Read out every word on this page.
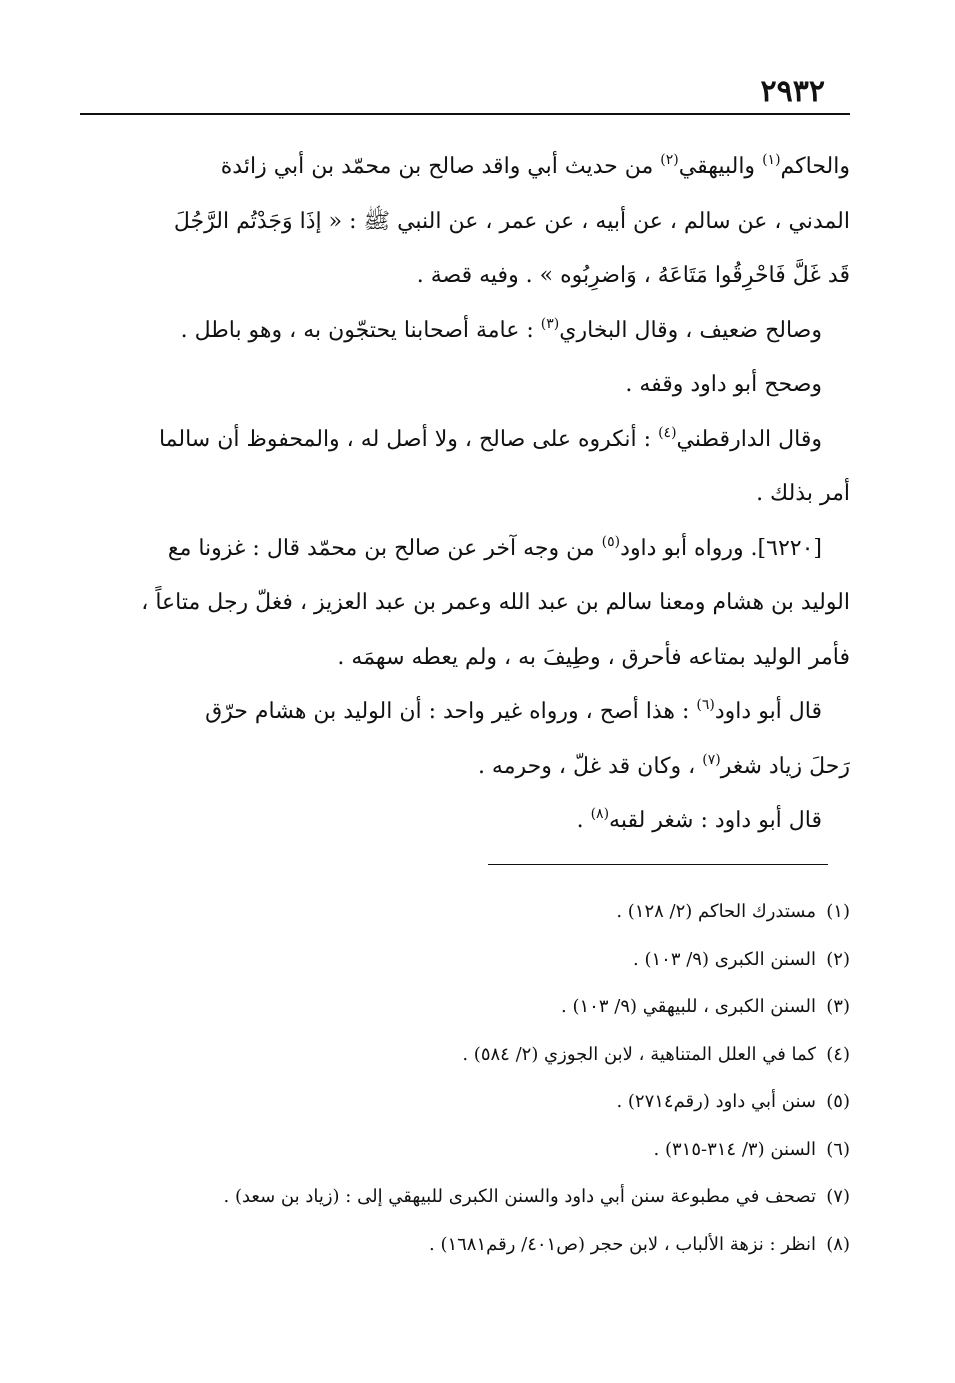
٢٩٣٢
والحاكم$^{(١)}$ والبيهقي$^{(٢)}$ من حديث أبي واقد صالح بن محمّد بن أبي زائدة
المدني ، عن سالم ، عن أبيه ، عن عمر ، عن النبي ﷺ : « إذَا وَجَدْتُم الرَّجُلَ
قَد غَلَّ فَاحْرِقُوا مَتَاعَهُ ، وَاضرِبُوه » . وفيه قصة .
وصالح ضعيف ، وقال البخاري$^{(٣)}$ : عامة أصحابنا يحتجّون به ، وهو باطل .
وصحح أبو داود وقفه .
وقال الدارقطني$^{(٤)}$ : أنكروه على صالح ، ولا أصل له ، والمحفوظ أن سالما
أمر بذلك .
[٦٢٢٠]. ورواه أبو داود$^{(٥)}$ من وجه آخر عن صالح بن محمّد قال : غزونا مع
الوليد بن هشام ومعنا سالم بن عبد الله وعمر بن عبد العزيز ، فغلّ رجل متاعاً ،
فأمر الوليد بمتاعه فأحرق ، وطِيفَ به ، ولم يعطه سهمَه .
قال أبو داود$^{(٦)}$ : هذا أصح ، ورواه غير واحد : أن الوليد بن هشام حرّق
رَحلَ زياد شغر$^{(٧)}$ ، وكان قد غلّ ، وحرمه .
قال أبو داود : شغر لقبه$^{(٨)}$ .
(١)مستدرك الحاكم (٢/ ١٢٨) .
(٢)السنن الكبرى (٩/ ١٠٣) .
(٣)السنن الكبرى ، للبيهقي (٩/ ١٠٣) .
(٤)كما في العلل المتناهية ، لابن الجوزي (٢/ ٥٨٤) .
(٥)سنن أبي داود (رقم٢٧١٤) .
(٦)السنن (٣/ ٣١٤-٣١٥) .
(٧)تصحف في مطبوعة سنن أبي داود والسنن الكبرى للبيهقي إلى : (زياد بن سعد) .
(٨)انظر : نزهة الألباب ، لابن حجر (ص٤٠١/ رقم١٦٨١) .
